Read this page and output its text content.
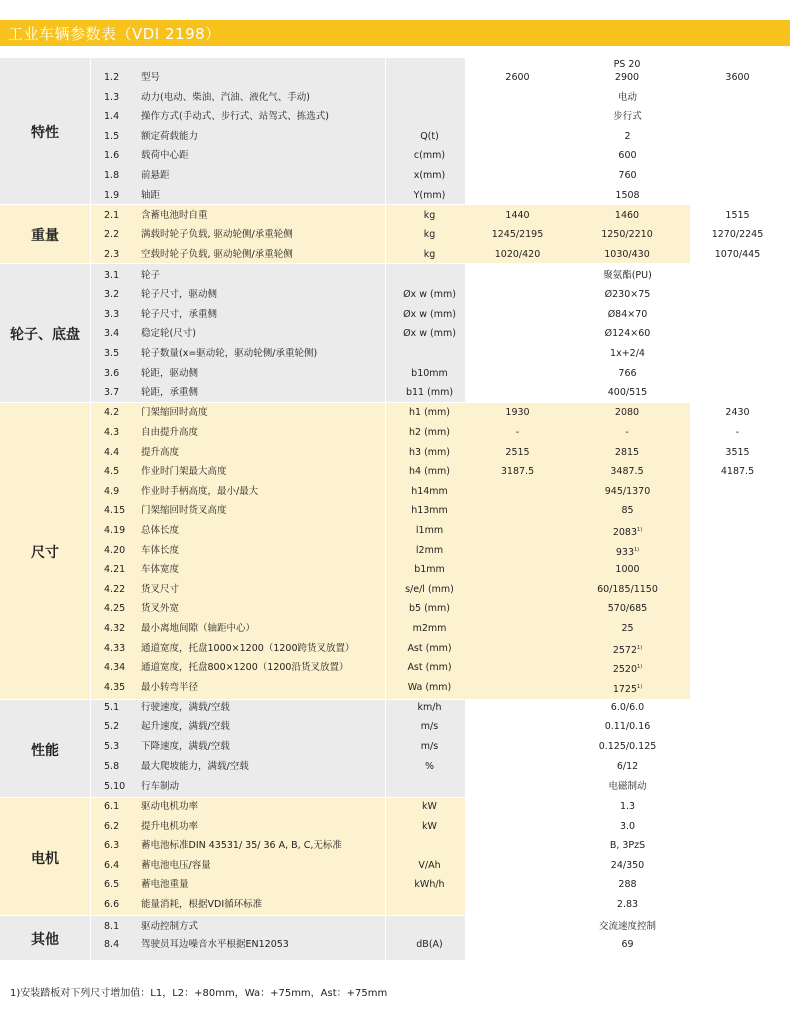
工业车辆参数表（VDI 2198）
特性
1.2	型号	2600	2900	3600
PS 20
1.3	动力(电动、柴油、汽油、液化气、手动)	电动
1.4	操作方式(手动式、步行式、站驾式、拣选式)	步行式
1.5	额定荷载能力	Q(t)	2
1.6	载荷中心距	c(mm)	600
1.8	前悬距	x(mm)	760
1.9	轴距	Y(mm)	1508
重量
2.1	含蓄电池时自重	kg	1440	1460	1515
2.2	满载时轮子负载, 驱动轮侧/承重轮侧	kg	1245/2195	1250/2210	1270/2245
2.3	空载时轮子负载, 驱动轮侧/承重轮侧	kg	1020/420	1030/430	1070/445
轮子、底盘
3.1	轮子	聚氨酯(PU)
3.2	轮子尺寸，驱动侧	Øx w (mm)	Ø230×75
3.3	轮子尺寸，承重侧	Øx w (mm)	Ø84×70
3.4	稳定轮(尺寸)	Øx w (mm)	Ø124×60
3.5	轮子数量(x=驱动轮，驱动轮侧/承重轮侧)	1x+2/4
3.6	轮距，驱动侧	b10mm	766
3.7	轮距，承重侧	b11 (mm)	400/515
尺寸
4.2	门架缩回时高度	h1 (mm)	1930	2080	2430
4.3	自由提升高度	h2 (mm)	-	-	-
4.4	提升高度	h3 (mm)	2515	2815	3515
4.5	作业时门架最大高度	h4 (mm)	3187.5	3487.5	4187.5
4.9	作业时手柄高度，最小/最大	h14mm	945/1370
4.15	门架缩回时货叉高度	h13mm	85
4.19	总体长度	l1mm	2083$^{1)}$
4.20	车体长度	l2mm	933$^{1)}$
4.21	车体宽度	b1mm	1000
4.22	货叉尺寸	s/e/l (mm)	60/185/1150
4.25	货叉外宽	b5 (mm)	570/685
4.32	最小离地间隙（轴距中心）	m2mm	25
4.33	通道宽度，托盘1000×1200（1200跨货叉放置）	Ast (mm)	2572$^{1)}$
4.34	通道宽度，托盘800×1200（1200沿货叉放置）	Ast (mm)	2520$^{1)}$
4.35	最小转弯半径	Wa (mm)	1725$^{1)}$
性能
5.1	行驶速度，满载/空载	km/h	6.0/6.0
5.2	起升速度，满载/空载	m/s	0.11/0.16
5.3	下降速度，满载/空载	m/s	0.125/0.125
5.8	最大爬坡能力，满载/空载	%	6/12
5.10	行车制动	电磁制动
电机
6.1	驱动电机功率	kW	1.3
6.2	提升电机功率	kW	3.0
6.3	蓄电池标准DIN 43531/ 35/ 36 A, B, C,无标准	B, 3PzS
6.4	蓄电池电压/容量	V/Ah	24/350
6.5	蓄电池重量	kWh/h	288
6.6	能量消耗，根据VDI循环标准	2.83
其他
8.1	驱动控制方式	交流速度控制
8.4	驾驶员耳边噪音水平根据EN12053	dB(A)	69
1)安装踏板对下列尺寸增加值：L1，L2：+80mm，Wa：+75mm，Ast：+75mm
